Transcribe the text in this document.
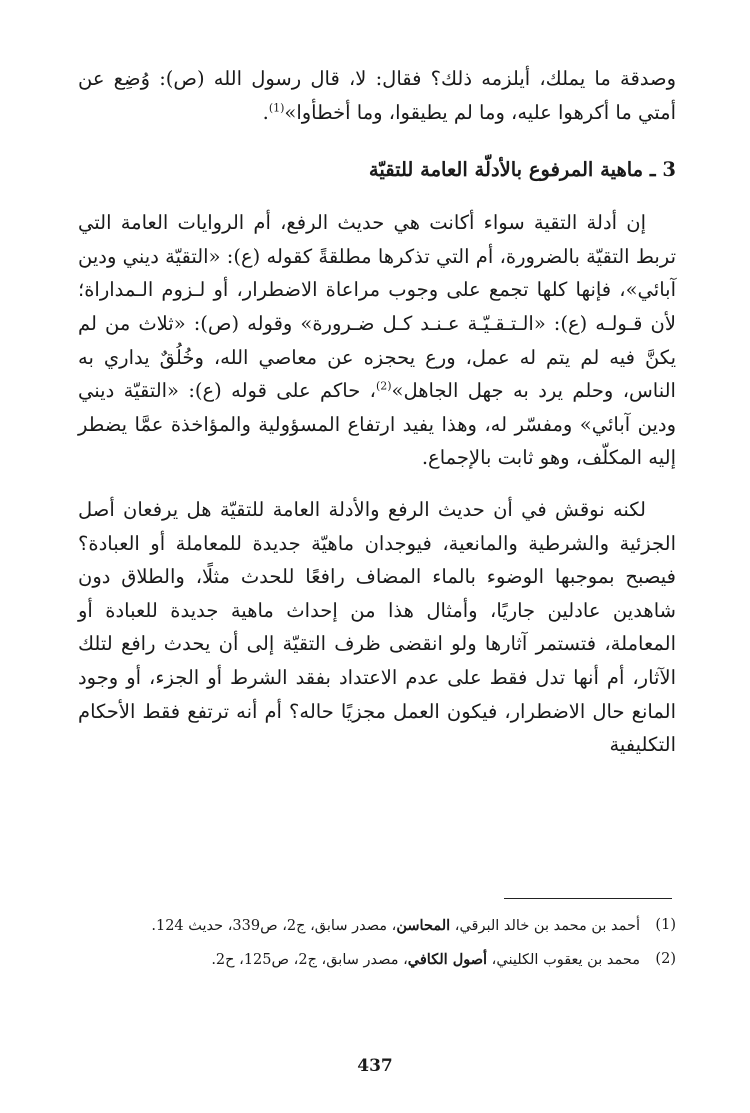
وصدقة ما يملك، أيلزمه ذلك؟ فقال: لا، قال رسول الله (ص): وُضِع عن أمتي ما أكرهوا عليه، وما لم يطيقوا، وما أخطأوا»$^{(1)}$.

3 ـ ماهية المرفوع بالأدلّة العامة للتقيّة

إن أدلة التقية سواء أكانت هي حديث الرفع، أم الروايات العامة التي تربط التقيّة بالضرورة، أم التي تذكرها مطلقةً كقوله (ع): «التقيّة ديني ودين آبائي»، فإنها كلها تجمع على وجوب مراعاة الاضطرار، أو لـزوم الـمداراة؛ لأن قـولـه (ع): «الـتـقـيّـة عـنـد كـل ضـرورة» وقوله (ص): «ثلاث من لم يكنَّ فيه لم يتم له عمل، ورع يحجزه عن معاصي الله، وخُلُقٌ يداري به الناس، وحلم يرد به جهل الجاهل»$^{(2)}$، حاكم على قوله (ع): «التقيّة ديني ودين آبائي» ومفسّر له، وهذا يفيد ارتفاع المسؤولية والمؤاخذة عمَّا يضطر إليه المكلّف، وهو ثابت بالإجماع.

لكنه نوقش في أن حديث الرفع والأدلة العامة للتقيّة هل يرفعان أصل الجزئية والشرطية والمانعية، فيوجدان ماهيّة جديدة للمعاملة أو العبادة؟ فيصبح بموجبها الوضوء بالماء المضاف رافعًا للحدث مثلًا، والطلاق دون شاهدين عادلين جاريًا، وأمثال هذا من إحداث ماهية جديدة للعبادة أو المعاملة، فتستمر آثارها ولو انقضى ظرف التقيّة إلى أن يحدث رافع لتلك الآثار، أم أنها تدل فقط على عدم الاعتداد بفقد الشرط أو الجزء، أو وجود المانع حال الاضطرار، فيكون العمل مجزيًا حاله؟ أم أنه ترتفع فقط الأحكام التكليفية

(1)
أحمد بن محمد بن خالد البرقي، المحاسن، مصدر سابق، ج2، ص339، حديث 124.
(2)
محمد بن يعقوب الكليني، أصول الكافي، مصدر سابق، ج2، ص125، ح2.
437
